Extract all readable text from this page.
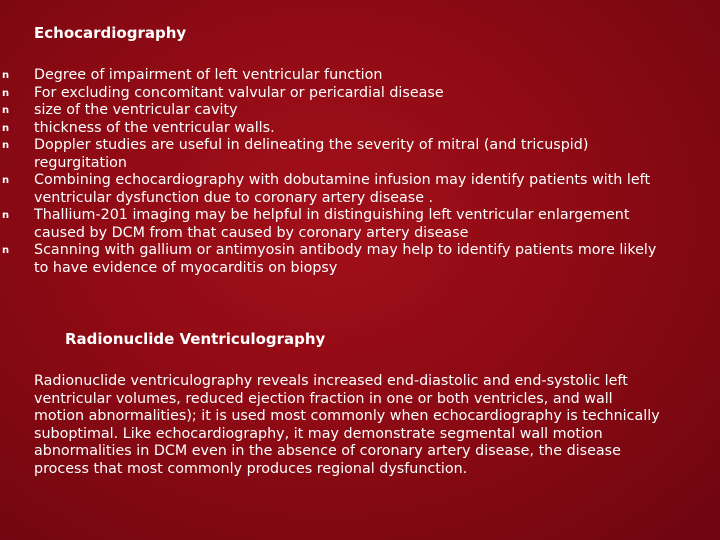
Echocardiography
n Degree of impairment of left ventricular function
n For excluding concomitant valvular or pericardial disease
n size of the ventricular cavity
n thickness of the ventricular walls.
n Doppler studies are useful in delineating the severity of mitral (and tricuspid)
regurgitation
n Combining echocardiography with dobutamine infusion may identify patients with left
ventricular dysfunction due to coronary artery disease .
n Thallium-201 imaging may be helpful in distinguishing left ventricular enlargement
caused by DCM from that caused by coronary artery disease
n Scanning with gallium or antimyosin antibody may help to identify patients more likely
to have evidence of myocarditis on biopsy
Radionuclide Ventriculography

Radionuclide ventriculography reveals increased end-diastolic and end-systolic left
ventricular volumes, reduced ejection fraction in one or both ventricles, and wall
motion abnormalities); it is used most commonly when echocardiography is technically
suboptimal. Like echocardiography, it may demonstrate segmental wall motion
abnormalities in DCM even in the absence of coronary artery disease, the disease
process that most commonly produces regional dysfunction.
